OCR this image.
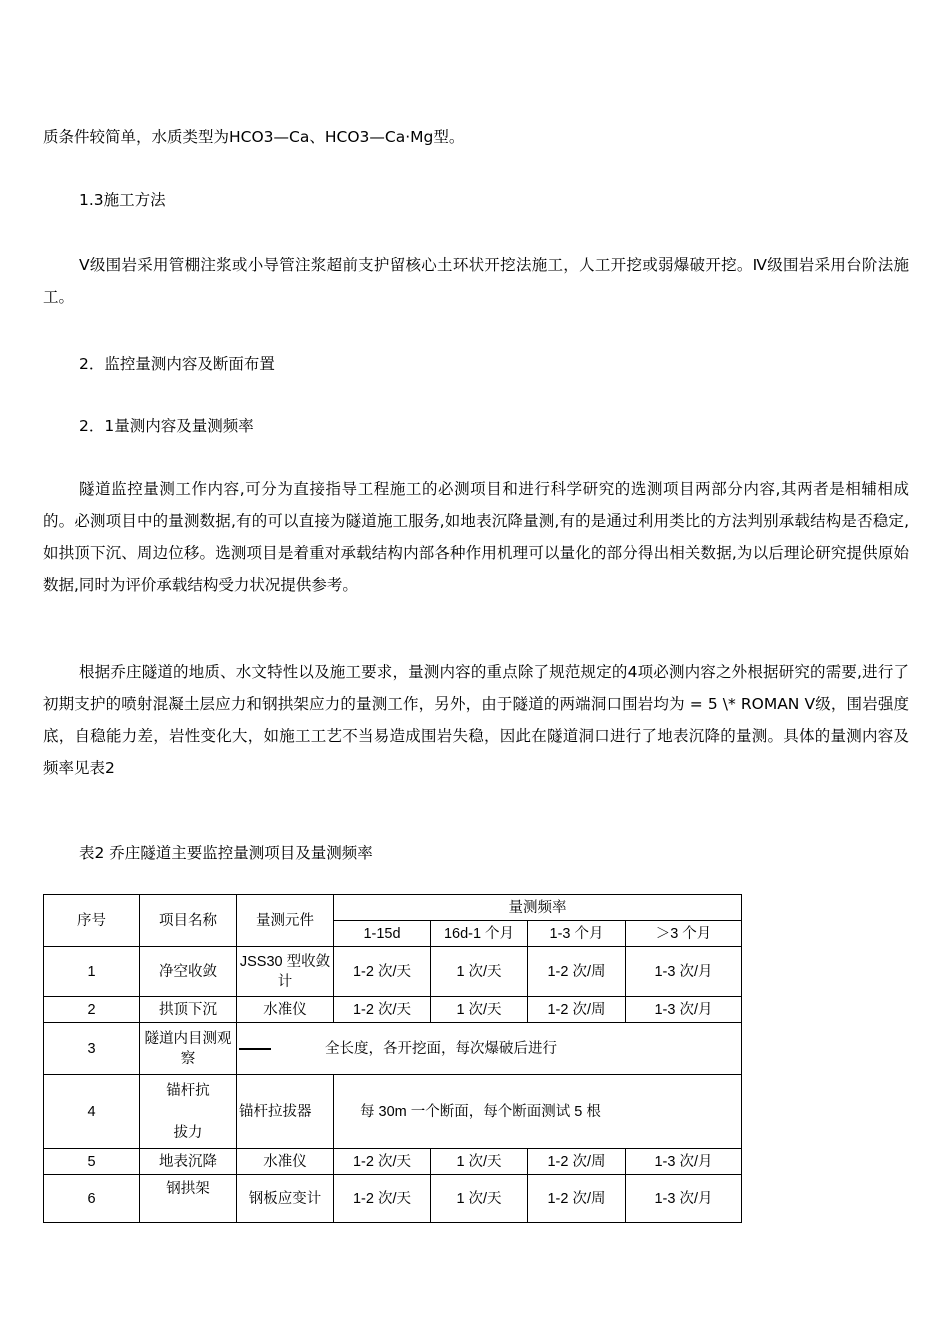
质条件较简单，水质类型为HCO3—Ca、HCO3—Ca·Mg型。

1.3施工方法

Ⅴ级围岩采用管棚注浆或小导管注浆超前支护留核心土环状开挖法施工，人工开挖或弱爆破开挖。Ⅳ级围岩采用台阶法施工。

2．监控量测内容及断面布置

2．1量测内容及量测频率

隧道监控量测工作内容,可分为直接指导工程施工的必测项目和进行科学研究的选测项目两部分内容,其两者是相辅相成的。必测项目中的量测数据,有的可以直接为隧道施工服务,如地表沉降量测,有的是通过利用类比的方法判别承载结构是否稳定,如拱顶下沉、周边位移。选测项目是着重对承载结构内部各种作用机理可以量化的部分得出相关数据,为以后理论研究提供原始数据,同时为评价承载结构受力状况提供参考。

根据乔庄隧道的地质、水文特性以及施工要求，量测内容的重点除了规范规定的4项必测内容之外根据研究的需要,进行了初期支护的喷射混凝土层应力和钢拱架应力的量测工作，另外，由于隧道的两端洞口围岩均为 = 5 \* ROMAN V级，围岩强度底，自稳能力差，岩性变化大，如施工工艺不当易造成围岩失稳，因此在隧道洞口进行了地表沉降的量测。具体的量测内容及频率见表2

表2 乔庄隧道主要监控量测项目及量测频率

序号	项目名称	量测元件	量测频率			
			1-15d	16d-1 个月	1-3 个月	＞3 个月
1	净空收敛	JSS30 型收敛计	1-2 次/天	1 次/天	1-2 次/周	1-3 次/月
2	拱顶下沉	水准仪	1-2 次/天	1 次/天	1-2 次/周	1-3 次/月
3	隧道内目测观察	全长度，各开挖面，每次爆破后进行				
4	锚杆抗
拔力	锚杆拉拔器	每 30m 一个断面，每个断面测试 5 根			
5	地表沉降	水准仪	1-2 次/天	1 次/天	1-2 次/周	1-3 次/月
6	钢拱架	钢板应变计	1-2 次/天	1 次/天	1-2 次/周	1-3 次/月
